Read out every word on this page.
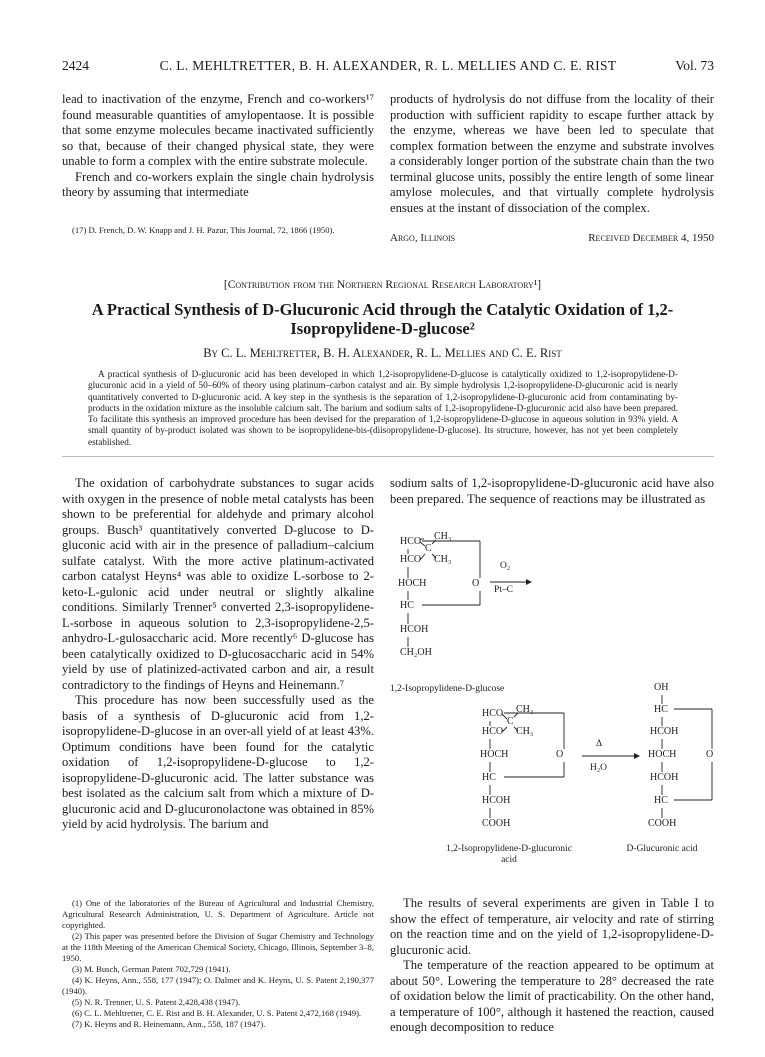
2424	C. L. MEHLTRETTER, B. H. ALEXANDER, R. L. MELLIES AND C. E. RIST	Vol. 73

lead to inactivation of the enzyme, French and co-workers¹⁷ found measurable quantities of amylopentaose. It is possible that some enzyme molecules became inactivated sufficiently so that, because of their changed physical state, they were unable to form a complex with the entire substrate molecule.

French and co-workers explain the single chain hydrolysis theory by assuming that intermediate

(17) D. French, D. W. Knapp and J. H. Pazur, This Journal, 72, 1866 (1950).

products of hydrolysis do not diffuse from the locality of their production with sufficient rapidity to escape further attack by the enzyme, whereas we have been led to speculate that complex formation between the enzyme and substrate involves a considerably longer portion of the substrate chain than the two terminal glucose units, possibly the entire length of some linear amylose molecules, and that virtually complete hydrolysis ensues at the instant of dissociation of the complex.

Argo, Illinois	Received December 4, 1950
[Contribution from the Northern Regional Research Laboratory¹]
A Practical Synthesis of D-Glucuronic Acid through the Catalytic Oxidation of 1,2-Isopropylidene-D-glucose²
By C. L. Mehltretter, B. H. Alexander, R. L. Mellies and C. E. Rist
A practical synthesis of D-glucuronic acid has been developed in which 1,2-isopropylidene-D-glucose is catalytically oxidized to 1,2-isopropylidene-D-glucuronic acid in a yield of 50–60% of theory using platinum–carbon catalyst and air. By simple hydrolysis 1,2-isopropylidene-D-glucuronic acid is nearly quantitatively converted to D-glucuronic acid. A key step in the synthesis is the separation of 1,2-isopropylidene-D-glucuronic acid from contaminating by-products in the oxidation mixture as the insoluble calcium salt. The barium and sodium salts of 1,2-isopropylidene-D-glucuronic acid also have been prepared. To facilitate this synthesis an improved procedure has been devised for the preparation of 1,2-isopropylidene-D-glucose in aqueous solution in 93% yield. A small quantity of by-product isolated was shown to be isopropylidene-bis-(diisopropylidene-D-glucose). Its structure, however, has not yet been completely established.

The oxidation of carbohydrate substances to sugar acids with oxygen in the presence of noble metal catalysts has been shown to be preferential for aldehyde and primary alcohol groups. Busch³ quantitatively converted D-glucose to D-gluconic acid with air in the presence of palladium–calcium sulfate catalyst. With the more active platinum-activated carbon catalyst Heyns⁴ was able to oxidize L-sorbose to 2-keto-L-gulonic acid under neutral or slightly alkaline conditions. Similarly Trenner⁵ converted 2,3-isopropylidene-L-sorbose in aqueous solution to 2,3-isopropylidene-2,5-anhydro-L-gulosaccharic acid. More recently⁶ D-glucose has been catalytically oxidized to D-glucosaccharic acid in 54% yield by use of platinized-activated carbon and air, a result contradictory to the findings of Heyns and Heinemann.⁷

This procedure has now been successfully used as the basis of a synthesis of D-glucuronic acid from 1,2-isopropylidene-D-glucose in an over-all yield of at least 43%. Optimum conditions have been found for the catalytic oxidation of 1,2-isopropylidene-D-glucose to 1,2-isopropylidene-D-glucuronic acid. The latter substance was best isolated as the calcium salt from which a mixture of D-glucuronic acid and D-glucuronolactone was obtained in 85% yield by acid hydrolysis. The barium and

(1) One of the laboratories of the Bureau of Agricultural and Industrial Chemistry, Agricultural Research Administration, U. S. Department of Agriculture. Article not copyrighted.

(2) This paper was presented before the Division of Sugar Chemistry and Technology at the 118th Meeting of the American Chemical Society, Chicago, Illinois, September 3–8, 1950.

(3) M. Busch, German Patent 702,729 (1941).

(4) K. Heyns, Ann., 558, 177 (1947); O. Dalmer and K. Heyns, U. S. Patent 2,190,377 (1940).

(5) N. R. Trenner, U. S. Patent 2,428,438 (1947).

(6) C. L. Mehltretter, C. E. Rist and B. H. Alexander, U. S. Patent 2,472,168 (1949).

(7) K. Heyns and R. Heinemann, Ann., 558, 187 (1947).

sodium salts of 1,2-isopropylidene-D-glucuronic acid have also been prepared. The sequence of reactions may be illustrated as

HCO CH₃
C
HCO CH₃
HOCH	O
HC
HCOH
CH₂OH
O₂
Pt–C
1,2-Isopropylidene-D-glucose
HCO CH₃
C
HCO CH₃
HOCH	O
HC
HCOH
COOH
Δ
H₂O
OH
HC
HCOH
HOCH	O
HCOH
HC
COOH
1,2-Isopropylidene-D-glucuronic acid
D-Glucuronic acid

The results of several experiments are given in Table I to show the effect of temperature, air velocity and rate of stirring on the reaction time and on the yield of 1,2-isopropylidene-D-glucuronic acid.

The temperature of the reaction appeared to be optimum at about 50°. Lowering the temperature to 28° decreased the rate of oxidation below the limit of practicability. On the other hand, a temperature of 100°, although it hastened the reaction, caused enough decomposition to reduce
